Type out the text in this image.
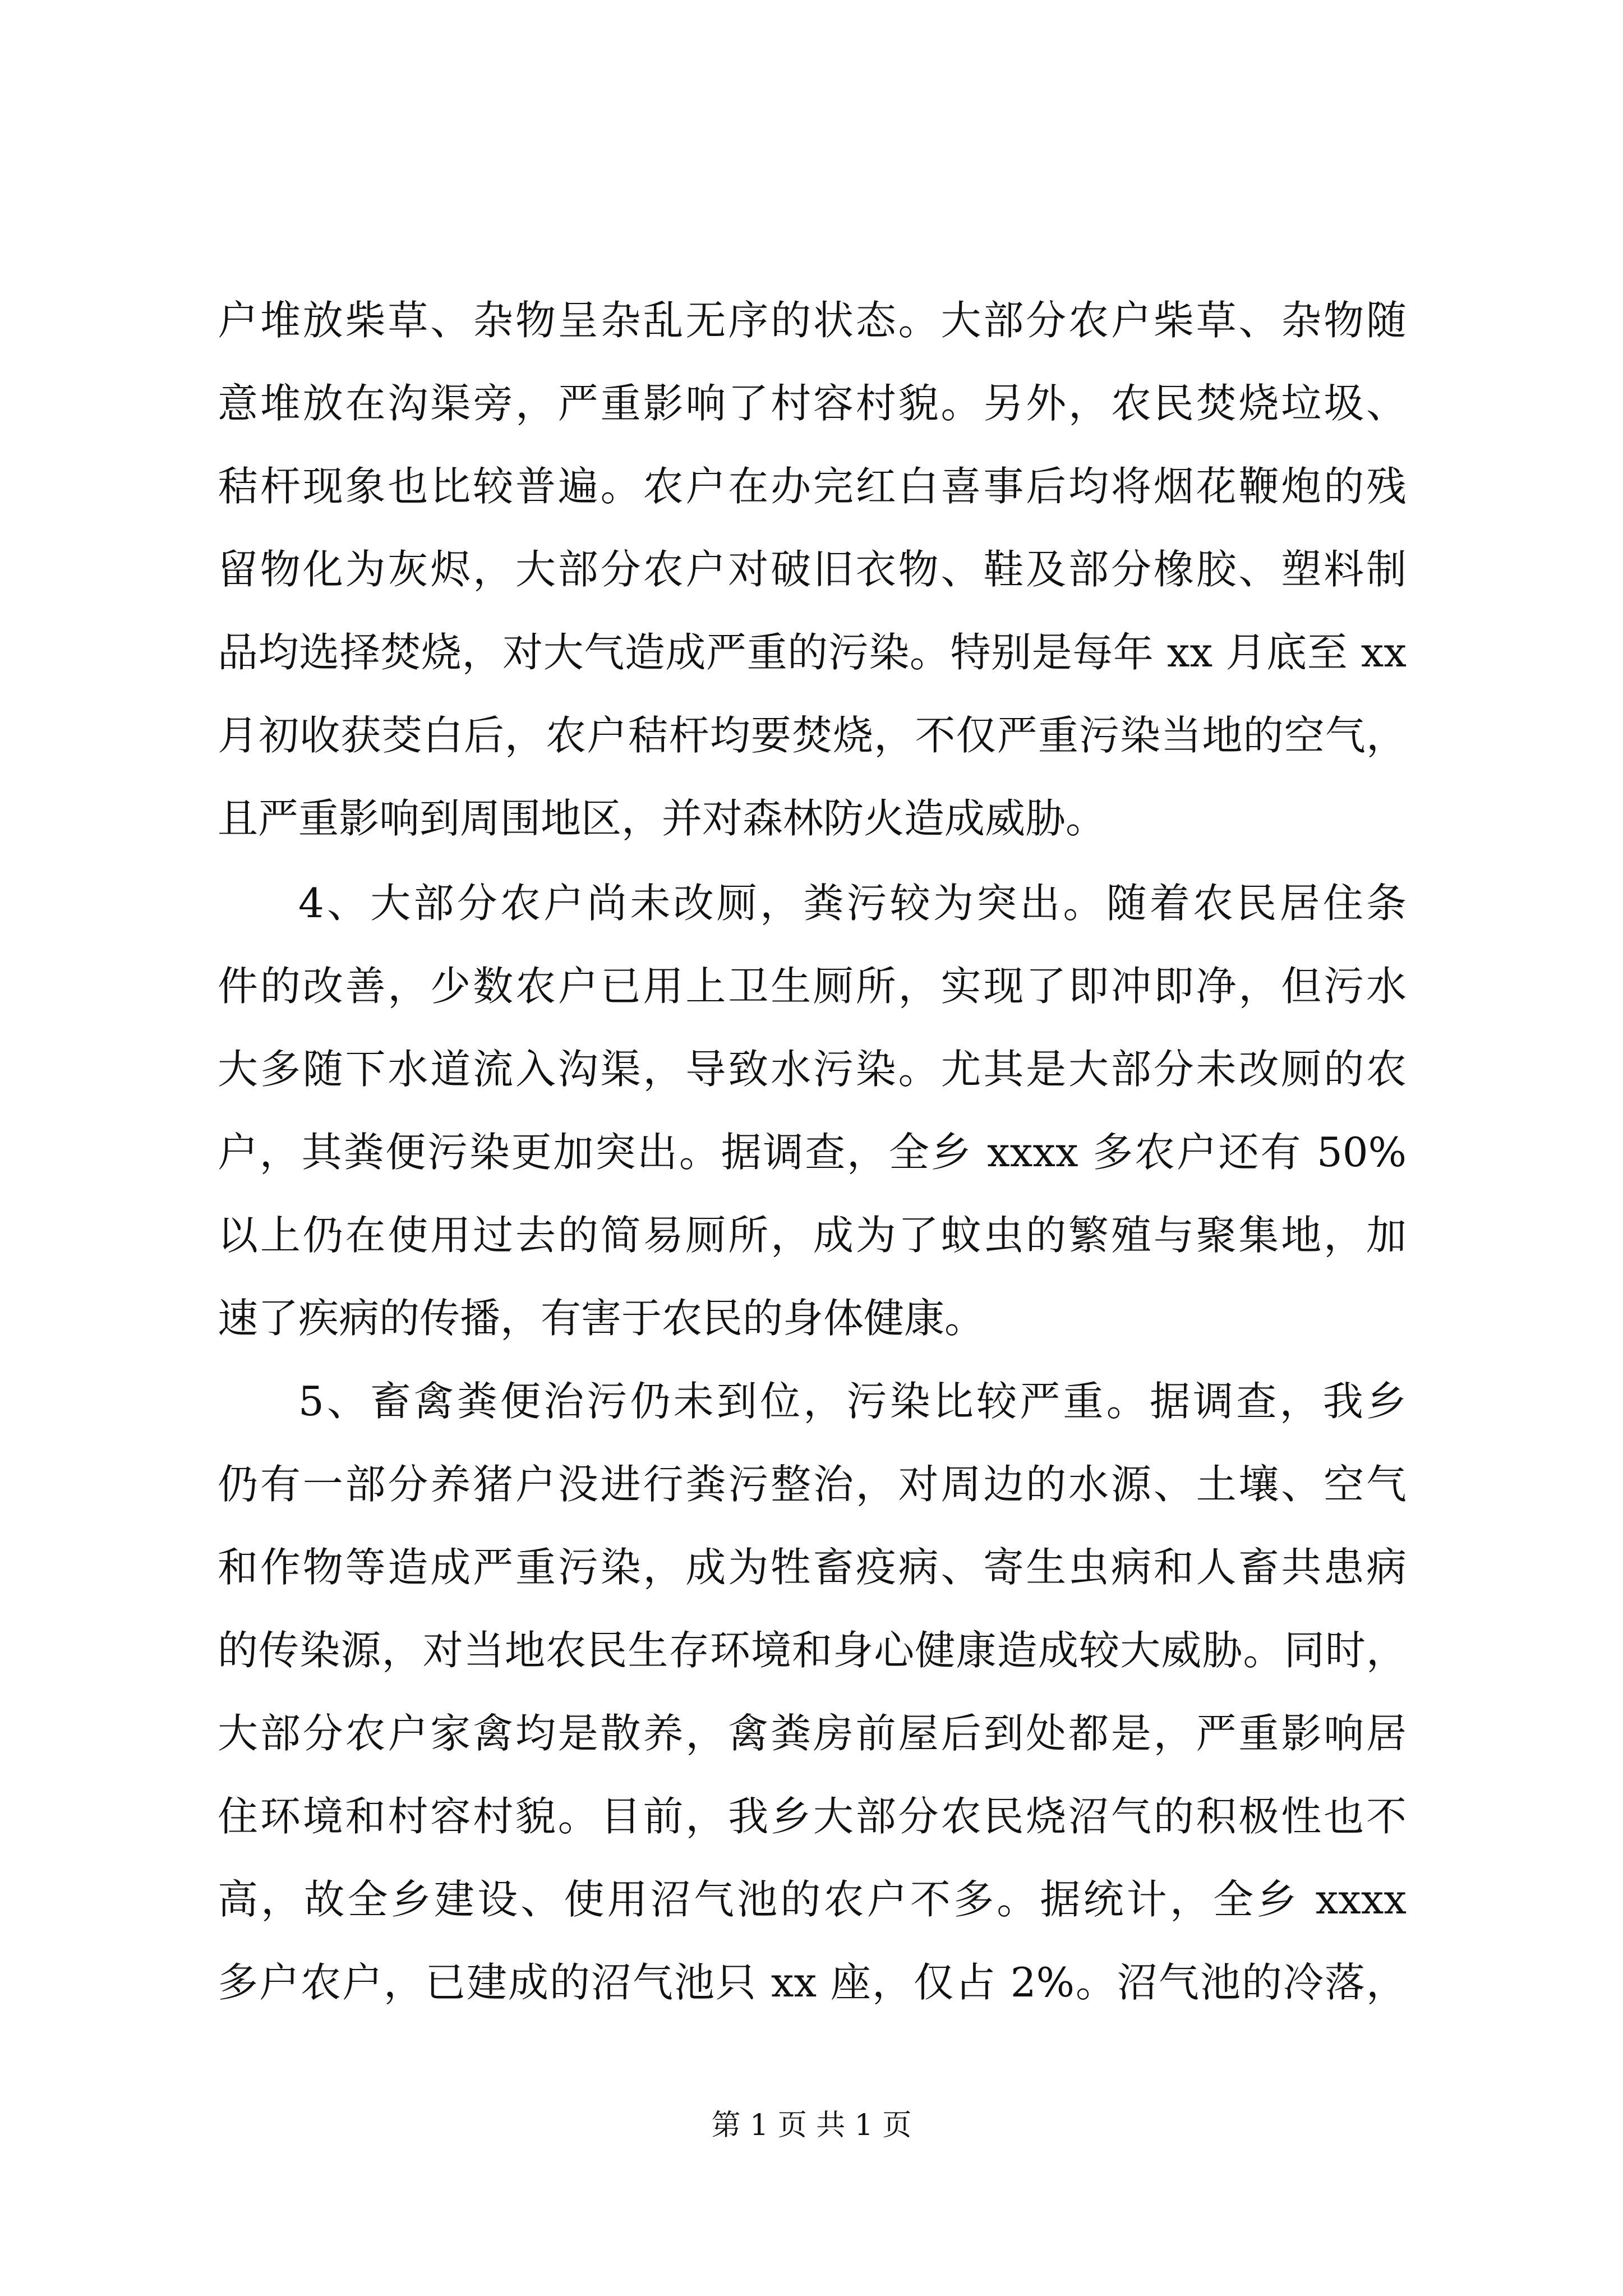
户堆放柴草、杂物呈杂乱无序的状态。大部分农户柴草、杂物随
意堆放在沟渠旁，严重影响了村容村貌。另外，农民焚烧垃圾、
秸杆现象也比较普遍。农户在办完红白喜事后均将烟花鞭炮的残
留物化为灰烬，大部分农户对破旧衣物、鞋及部分橡胶、塑料制
品均选择焚烧，对大气造成严重的污染。特别是每年 xx 月底至 xx
月初收获茭白后，农户秸杆均要焚烧，不仅严重污染当地的空气，
且严重影响到周围地区，并对森林防火造成威胁。
4、大部分农户尚未改厕，粪污较为突出。随着农民居住条
件的改善，少数农户已用上卫生厕所，实现了即冲即净，但污水
大多随下水道流入沟渠，导致水污染。尤其是大部分未改厕的农
户，其粪便污染更加突出。据调查，全乡 xxxx 多农户还有 50%
以上仍在使用过去的简易厕所，成为了蚊虫的繁殖与聚集地，加
速了疾病的传播，有害于农民的身体健康。
5、畜禽粪便治污仍未到位，污染比较严重。据调查，我乡
仍有一部分养猪户没进行粪污整治，对周边的水源、土壤、空气
和作物等造成严重污染，成为牲畜疫病、寄生虫病和人畜共患病
的传染源，对当地农民生存环境和身心健康造成较大威胁。同时，
大部分农户家禽均是散养，禽粪房前屋后到处都是，严重影响居
住环境和村容村貌。目前，我乡大部分农民烧沼气的积极性也不
高，故全乡建设、使用沼气池的农户不多。据统计，全乡 xxxx
多户农户，已建成的沼气池只 xx 座，仅占 2%。沼气池的冷落，
第 1 页 共 1 页
